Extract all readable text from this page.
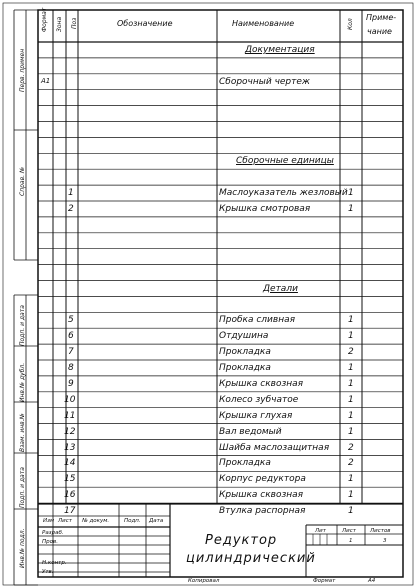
Формат Зона Поз	Обозначение	Наименование	Кол
Приме-
чание
Документация
А1	Сборочный чертеж
Сборочные единицы
1	Маслоуказатель жезловый 1
2	Крышка смотровая	1
Детали
5	Пробка сливная	1
6	Отдушина	1
7	Прокладка	2
8	Прокладка	1
9	Крышка сквозная	1
10	Колесо зубчатое	1
11	Крышка глухая	1
12	Вал ведомый	1
13	Шайба маслозащитная 2
14	Прокладка	2
15	Корпус редуктора	1
16	Крышка сквозная	1
17	Втулка распорная	1
Перв. примен
Справ. №
Подп. и дата
Инв.№ дубл.
Взам. инв.№
Подп. и дата
Инв.№ подл.
Изм Лист № докум.	Подп. Дата
Разраб.
Пров.
Н.контр.
Утв.
Редуктор
цилиндрический
Лит	Лист	Листов
1	3
Копировал	Формат	А4
